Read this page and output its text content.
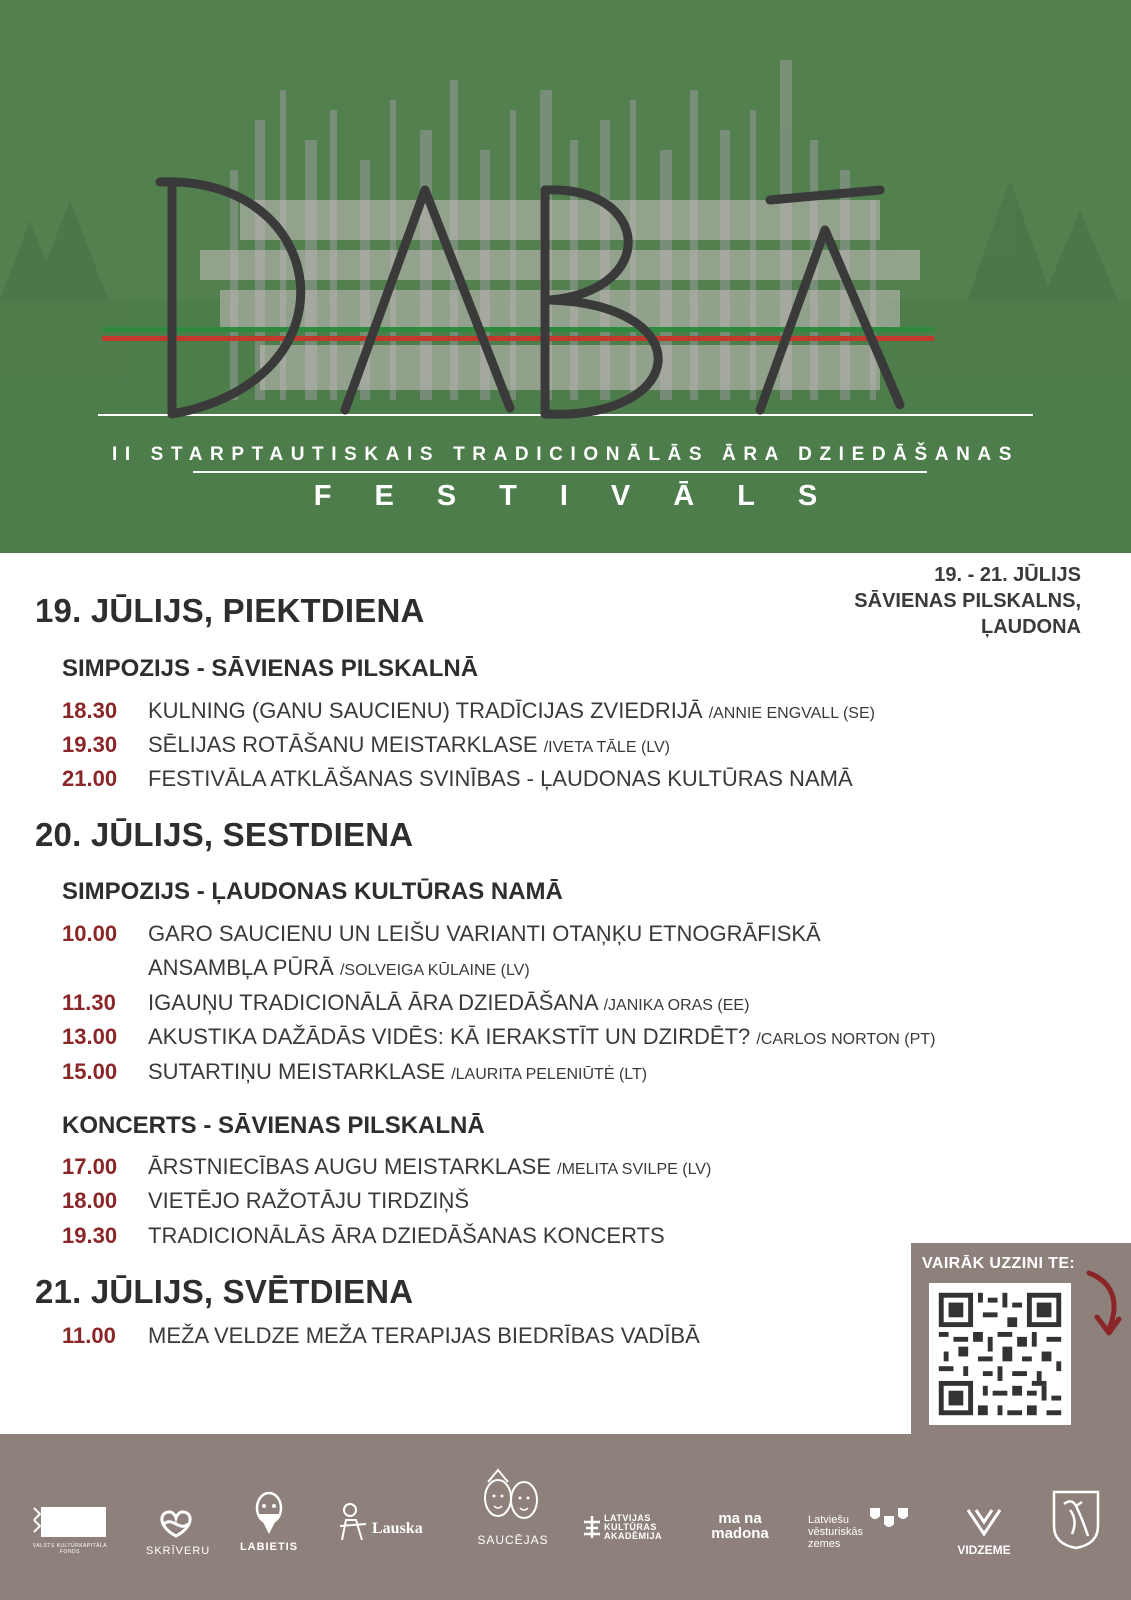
II STARPTAUTISKAIS TRADICIONĀLĀS ĀRA DZIEDĀŠANAS
FESTIVĀLS
19. - 21. JŪLIJS
SĀVIENAS PILSKALNS,
ĻAUDONA
19. JŪLIJS, PIEKTDIENA
SIMPOZIJS - SĀVIENAS PILSKALNĀ
18.30 KULNING (GANU SAUCIENU) TRADĪCIJAS ZVIEDRIJĀ /ANNIE ENGVALL (SE)
19.30 SĒLIJAS ROTĀŠANU MEISTARKLASE /IVETA TĀLE (LV)
21.00 FESTIVĀLA ATKLĀŠANAS SVINĪBAS - ĻAUDONAS KULTŪRAS NAMĀ
20. JŪLIJS, SESTDIENA
SIMPOZIJS - ĻAUDONAS KULTŪRAS NAMĀ
10.00 GARO SAUCIENU UN LEIŠU VARIANTI OTAŅĶU ETNOGRĀFISKĀ
ANSAMBĻA PŪRĀ /SOLVEIGA KŪLAINE (LV)
11.30 IGAUŅU TRADICIONĀLĀ ĀRA DZIEDĀŠANA /JANIKA ORAS (EE)
13.00 AKUSTIKA DAŽĀDĀS VIDĒS: KĀ IERAKSTĪT UN DZIRDĒT? /CARLOS NORTON (PT)
15.00 SUTARTIŅU MEISTARKLASE /LAURITA PELENIŪTĖ (LT)
KONCERTS - SĀVIENAS PILSKALNĀ
17.00 ĀRSTNIECĪBAS AUGU MEISTARKLASE /MELITA SVILPE (LV)
18.00 VIETĒJO RAŽOTĀJU TIRDZIŅŠ
19.30 TRADICIONĀLĀS ĀRA DZIEDĀŠANAS KONCERTS
21. JŪLIJS, SVĒTDIENA
11.00 MEŽA VELDZE MEŽA TERAPIJAS BIEDRĪBAS VADĪBĀ
VAIRĀK UZZINI TE:
VALSTS KULTŪRKAPITĀLA FONDS	SKRĪVERU	LABIETIS
Lauska
SAUCĒJAS
LATVIJAS KULTŪRAS AKADĒMIJA
ma na
madona
Latviešu vēsturiskās zemes	VIDZEME
